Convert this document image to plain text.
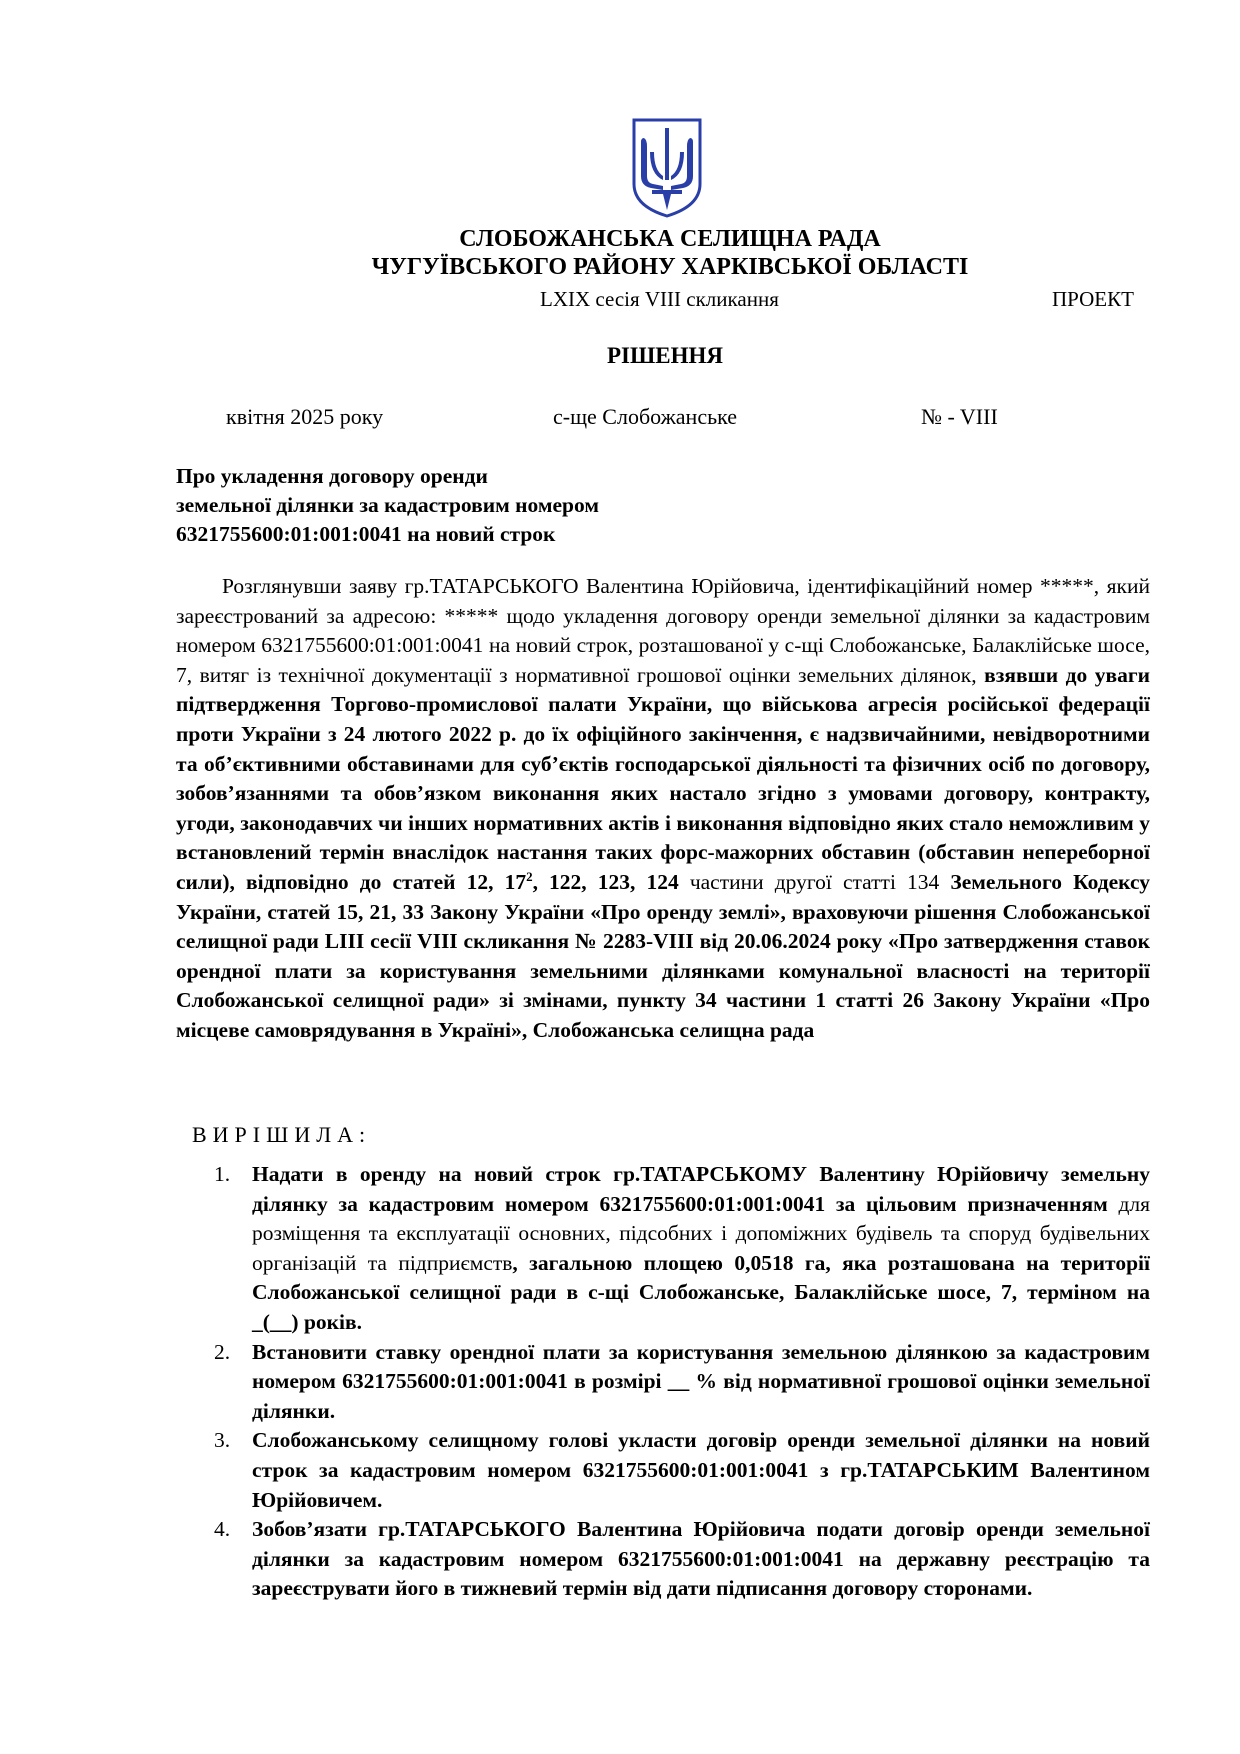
СЛОБОЖАНСЬКА СЕЛИЩНА РАДА
ЧУГУЇВСЬКОГО РАЙОНУ ХАРКІВСЬКОЇ ОБЛАСТІ
LXIX сесія VIII скликання	ПРОЕКТ
РІШЕННЯ
квітня 2025 року	с-ще Слобожанське	№ - VIII
Про укладення договору оренди
земельної ділянки за кадастровим номером
6321755600:01:001:0041 на новий строк
Розглянувши заяву гр.ТАТАРСЬКОГО Валентина Юрійовича, ідентифікаційний номер *****, який зареєстрований за адресою: ***** щодо укладення договору оренди земельної ділянки за кадастровим номером 6321755600:01:001:0041 на новий строк, розташованої у с-щі Слобожанське, Балаклійське шосе, 7, витяг із технічної документації з нормативної грошової оцінки земельних ділянок, взявши до уваги підтвердження Торгово-промислової палати України, що військова агресія російської федерації проти України з 24 лютого 2022 р. до їх офіційного закінчення, є надзвичайними, невідворотними та об’єктивними обставинами для суб’єктів господарської діяльності та фізичних осіб по договору, зобов’язаннями та обов’язком виконання яких настало згідно з умовами договору, контракту, угоди, законодавчих чи інших нормативних актів і виконання відповідно яких стало неможливим у встановлений термін внаслідок настання таких форс-мажорних обставин (обставин непереборної сили), відповідно до статей 12, $17^2$, 122, 123, 124 частини другої статті 134 Земельного Кодексу України, статей 15, 21, 33 Закону України «Про оренду землі», враховуючи рішення Слобожанської селищної ради LIII сесії VIII скликання № 2283-VIII від 20.06.2024 року «Про затвердження ставок орендної плати за користування земельними ділянками комунальної власності на території Слобожанської селищної ради» зі змінами, пункту 34 частини 1 статті 26 Закону України «Про місцеве самоврядування в Україні», Слобожанська селищна рада
ВИРІШИЛА:
1. Надати в оренду на новий строк гр.ТАТАРСЬКОМУ Валентину Юрійовичу земельну ділянку за кадастровим номером 6321755600:01:001:0041 за цільовим призначенням для розміщення та експлуатації основних, підсобних і допоміжних будівель та споруд будівельних організацій та підприємств, загальною площею 0,0518 га, яка розташована на території Слобожанської селищної ради в с-щі Слобожанське, Балаклійське шосе, 7, терміном на _(__) років.
2. Встановити ставку орендної плати за користування земельною ділянкою за кадастровим номером 6321755600:01:001:0041 в розмірі __ % від нормативної грошової оцінки земельної ділянки.
3. Слобожанському селищному голові укласти договір оренди земельної ділянки на новий строк за кадастровим номером 6321755600:01:001:0041 з гр.ТАТАРСЬКИМ Валентином Юрійовичем.
4. Зобов’язати гр.ТАТАРСЬКОГО Валентина Юрійовича подати договір оренди земельної ділянки за кадастровим номером 6321755600:01:001:0041 на державну реєстрацію та зареєструвати його в тижневий термін від дати підписання договору сторонами.
